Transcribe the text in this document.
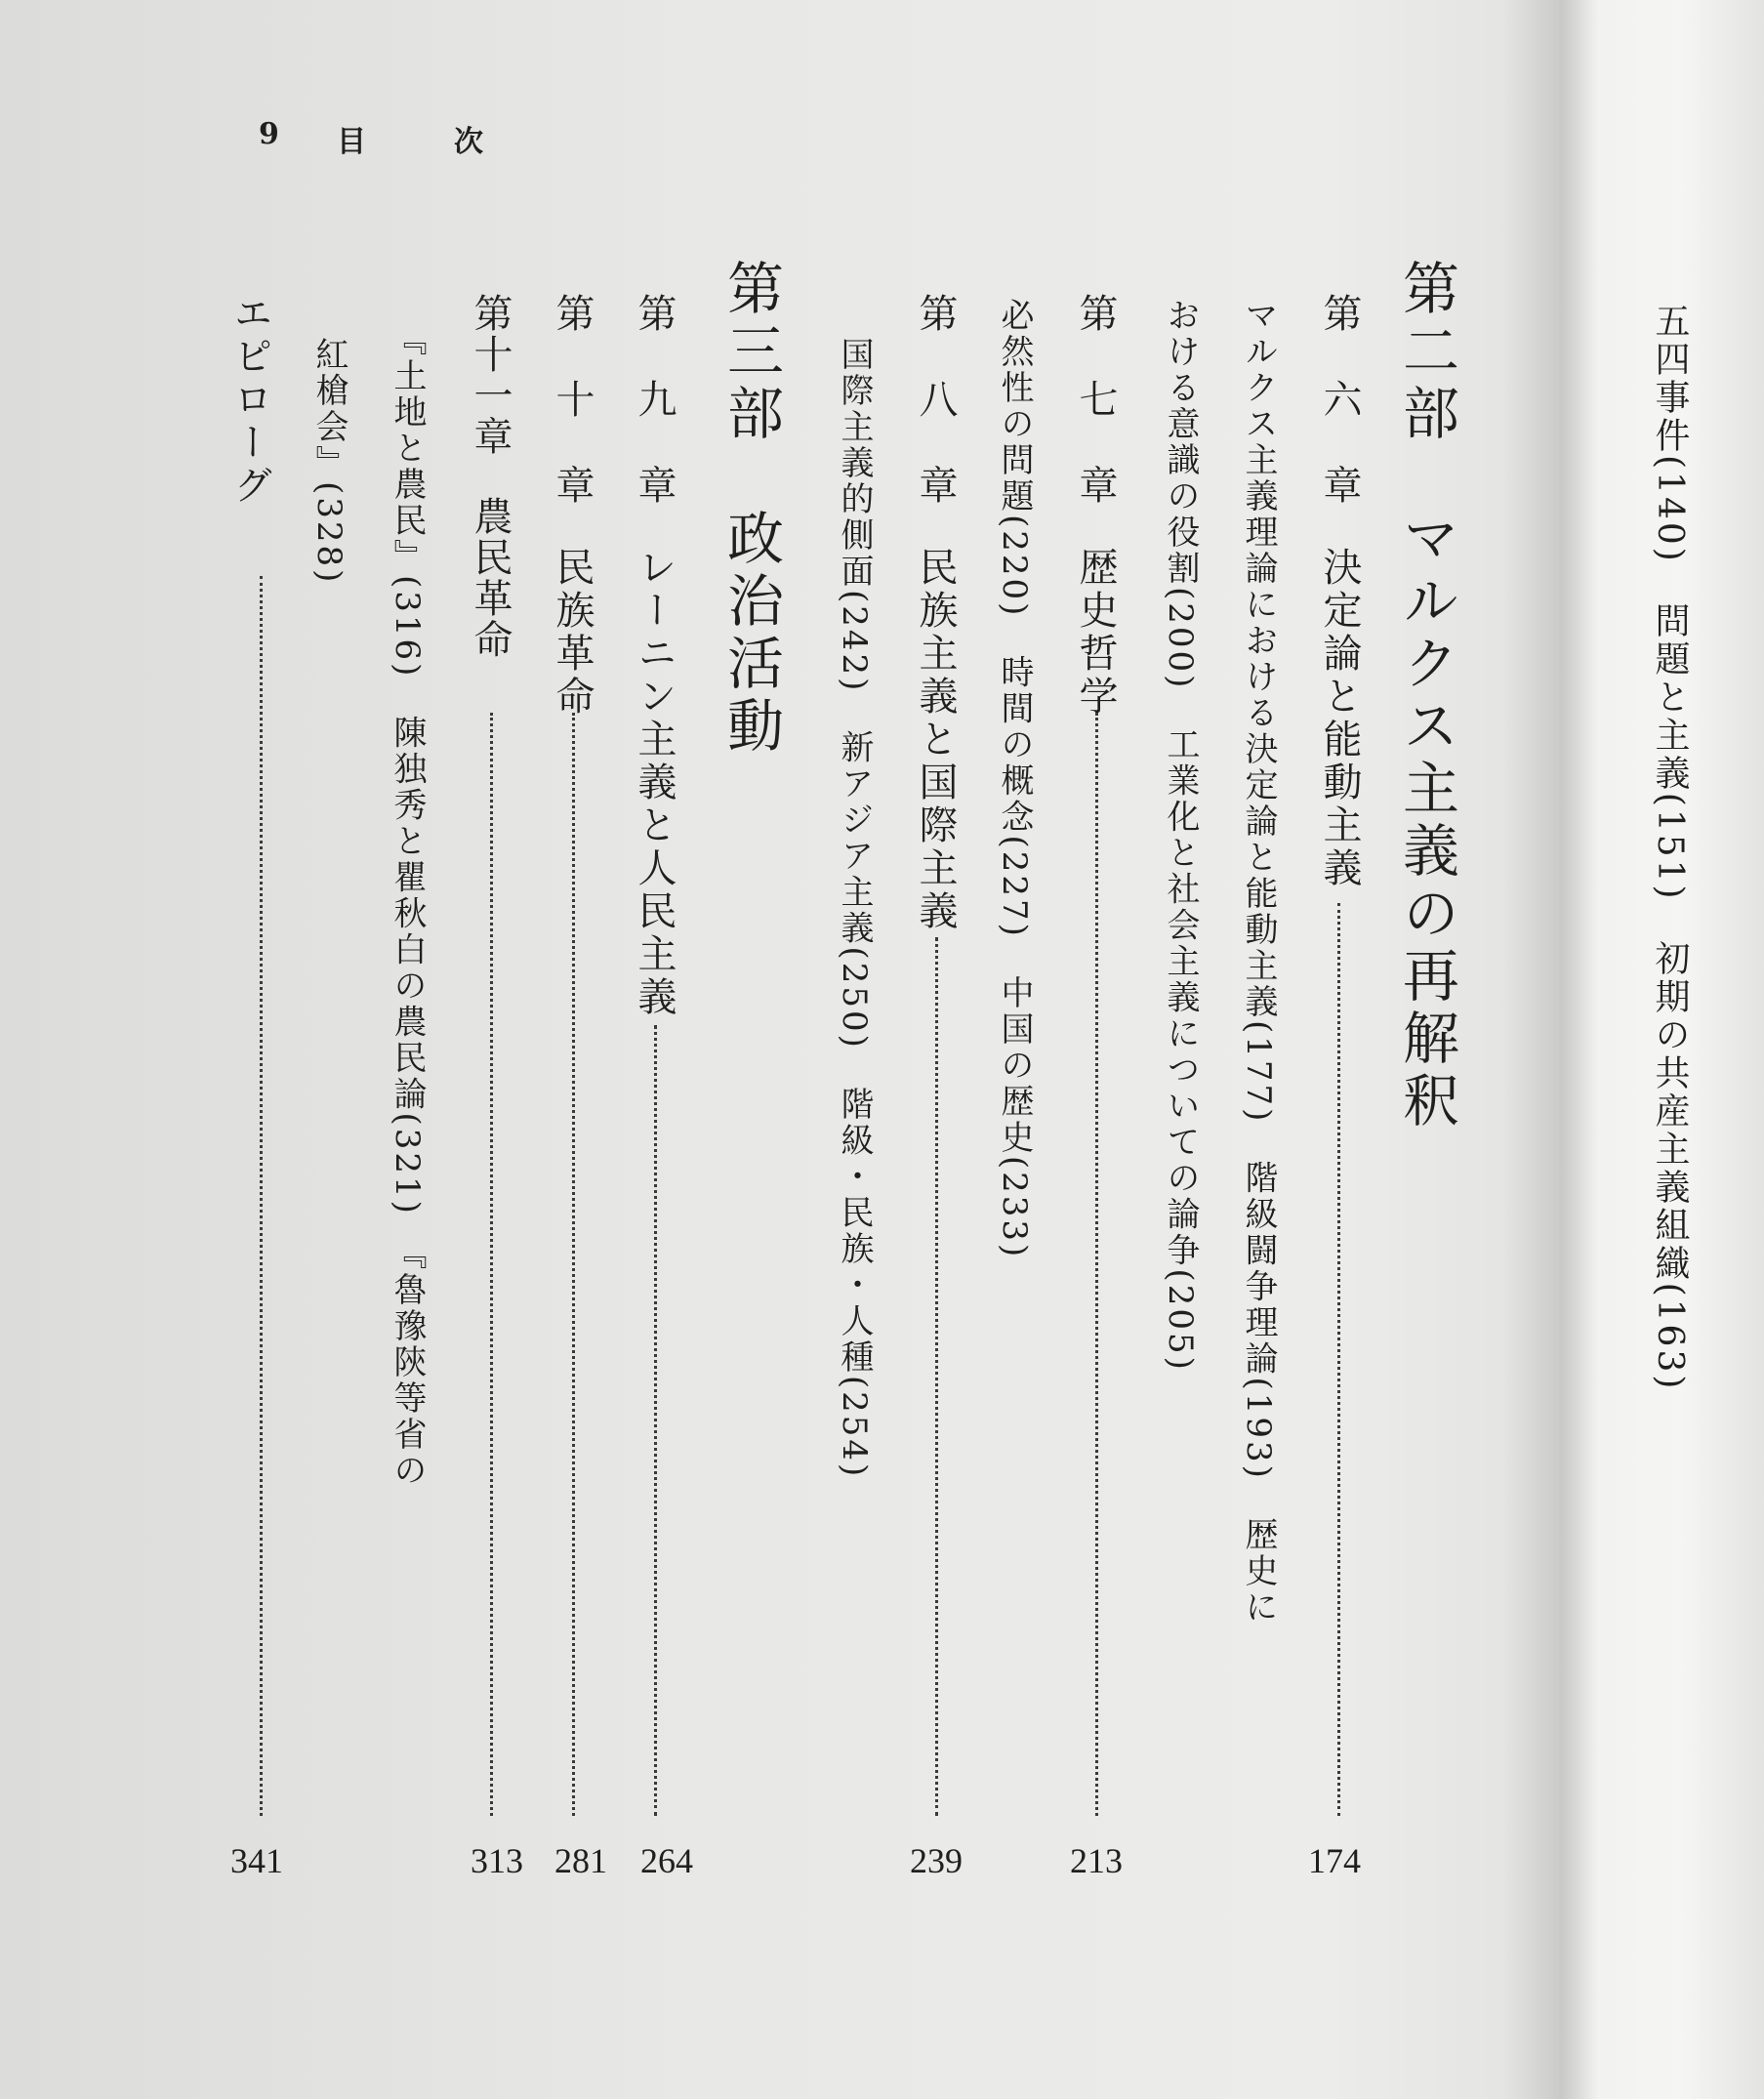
9 目　次
第二部　マルクス主義の再解釈
第　六　章決定論と能動主義
174
マルクス主義理論における決定論と能動主義(177)　階級闘争理論(193)　歴史に
おける意識の役割(200)　工業化と社会主義についての論争(205)
第　七　章歴史哲学
213
必然性の問題(220)　時間の概念(227)　中国の歴史(233)
第　八　章民族主義と国際主義
239
国際主義的側面(242)　新アジア主義(250)　階級・民族・人種(254)
第三部　政治活動
第　九　章レーニン主義と人民主義
264
第　十　章民族革命
281
第十一章農民革命
313
『土地と農民』(316)　陳独秀と瞿秋白の農民論(321)　『魯豫陝等省の
紅槍会』(328)
エピローグ
341
五四事件(140)　問題と主義(151)　初期の共産主義組織(163)
